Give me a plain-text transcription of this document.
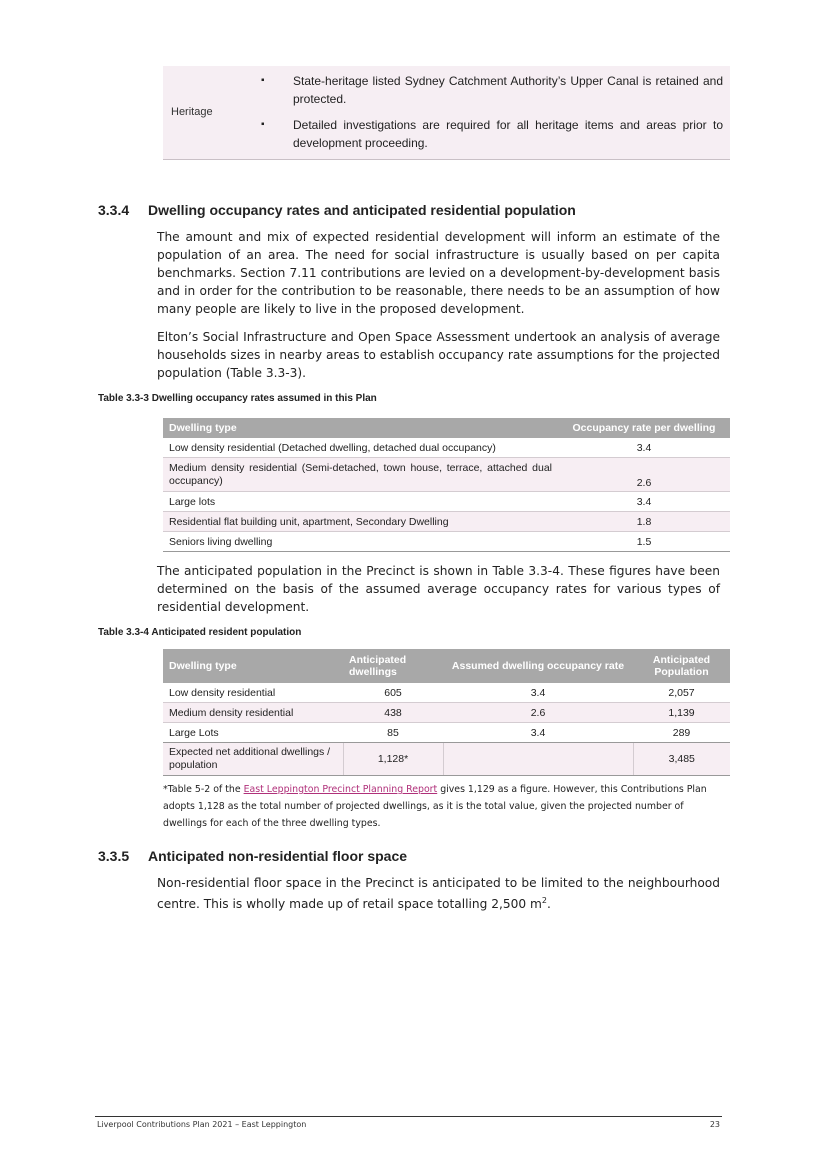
Heritage
▪ State-heritage listed Sydney Catchment Authority’s Upper Canal is retained and protected.
▪ Detailed investigations are required for all heritage items and areas prior to development proceeding.
3.3.4 Dwelling occupancy rates and anticipated residential population

The amount and mix of expected residential development will inform an estimate of the population of an area. The need for social infrastructure is usually based on per capita benchmarks. Section 7.11 contributions are levied on a development-by-development basis and in order for the contribution to be reasonable, there needs to be an assumption of how many people are likely to live in the proposed development.

Elton’s Social Infrastructure and Open Space Assessment undertook an analysis of average households sizes in nearby areas to establish occupancy rate assumptions for the projected population (Table 3.3-3).

Table 3.3-3 Dwelling occupancy rates assumed in this Plan

Dwelling type	Occupancy rate per dwelling
Low density residential (Detached dwelling, detached dual occupancy)	3.4
Medium density residential (Semi-detached, town house, terrace, attached dual occupancy)	2.6
Large lots	3.4
Residential flat building unit, apartment, Secondary Dwelling	1.8
Seniors living dwelling	1.5

The anticipated population in the Precinct is shown in Table 3.3-4. These figures have been determined on the basis of the assumed average occupancy rates for various types of residential development.

Table 3.3-4 Anticipated resident population

Dwelling type	Anticipated dwellings	Assumed dwelling occupancy rate	Anticipated Population
Low density residential	605	3.4	2,057
Medium density residential	438	2.6	1,139
Large Lots	85	3.4	289
Expected net additional dwellings / population	1,128*		3,485

*Table 5-2 of the East Leppington Precinct Planning Report gives 1,129 as a figure. However, this Contributions Plan adopts 1,128 as the total number of projected dwellings, as it is the total value, given the projected number of dwellings for each of the three dwelling types.

3.3.5 Anticipated non-residential floor space

Non-residential floor space in the Precinct is anticipated to be limited to the neighbourhood centre. This is wholly made up of retail space totalling 2,500 $m^2$.

Liverpool Contributions Plan 2021 – East Leppington	23
